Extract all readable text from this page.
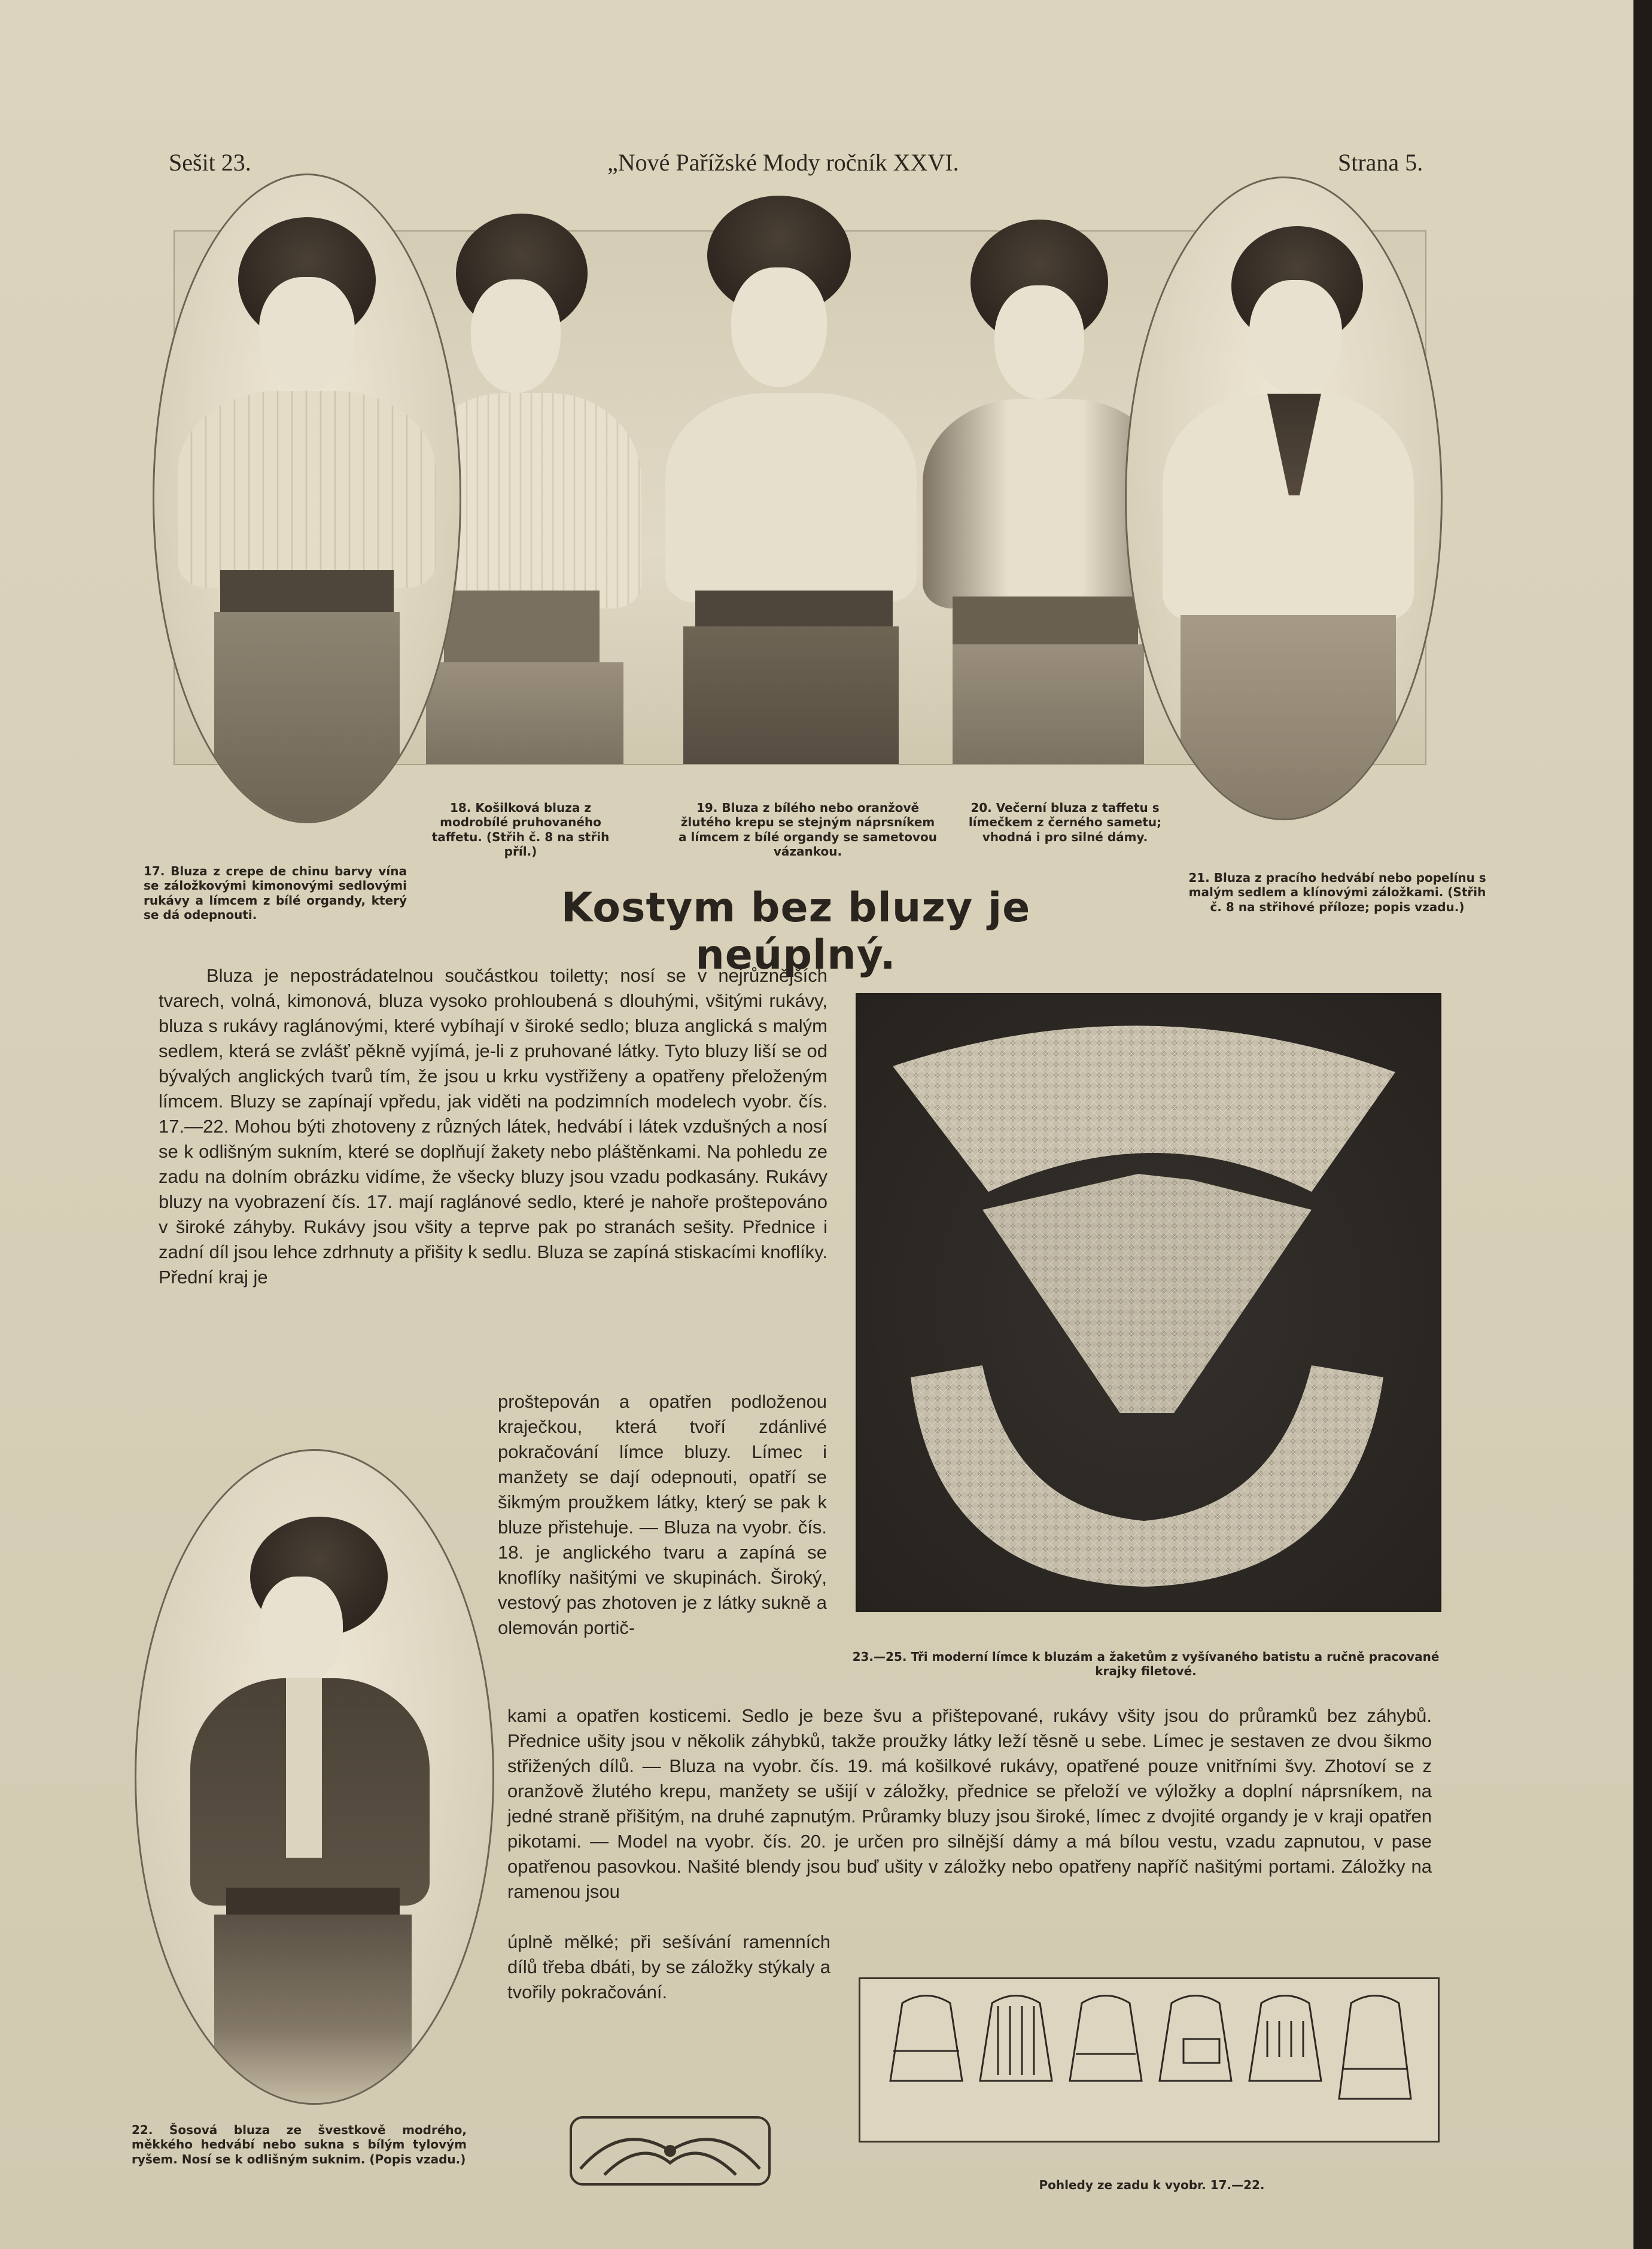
Sešit 23.	„Nové Pařížské Mody ročník XXVI.	Strana 5.
17. Bluza z crepe de chinu barvy vína se záložkovými kimonovými sedlovými rukávy a límcem z bílé organdy, který se dá odepnouti.
18. Košilková bluza z modrobílé pruhovaného taffetu. (Střih č. 8 na střih příl.)
19. Bluza z bílého nebo oranžově žlutého krepu se stejným náprsníkem a límcem z bílé organdy se sametovou vázankou.
20. Večerní bluza z taffetu s límečkem z černého sametu; vhodná i pro silné dámy.
21. Bluza z pracího hedvábí nebo popelínu s malým sedlem a klínovými záložkami. (Střih č. 8 na střihové příloze; popis vzadu.)
Kostym bez bluzy je neúplný.

Bluza je nepostrádatelnou součástkou toiletty; nosí se v nejrůznějších tvarech, volná, kimonová, bluza vysoko prohloubená s dlouhými, všitými rukávy, bluza s rukávy raglánovými, které vybíhají v široké sedlo; bluza anglická s malým sedlem, která se zvlášť pěkně vyjímá, je-li z pruhované látky. Tyto bluzy liší se od bývalých anglických tvarů tím, že jsou u krku vystřiženy a opatřeny přeloženým límcem. Bluzy se zapínají vpředu, jak viděti na podzimních modelech vyobr. čís. 17.—22. Mohou býti zhotoveny z různých látek, hedvábí i látek vzdušných a nosí se k odlišným sukním, které se doplňují žakety nebo pláštěnkami. Na pohledu ze zadu na dolním obrázku vidíme, že všecky bluzy jsou vzadu podkasány. Rukávy bluzy na vyobrazení čís. 17. mají raglánové sedlo, které je nahoře proštepováno v široké záhyby. Rukávy jsou všity a teprve pak po stranách sešity. Přednice i zadní díl jsou lehce zdrhnuty a přišity k sedlu. Bluza se zapíná stiskacími knoflíky. Přední kraj je

proštepován a opatřen podloženou kraječkou, která tvoří zdánlivé pokračování límce bluzy. Límec i manžety se dají odepnouti, opatří se šikmým proužkem látky, který se pak k bluze přistehuje. — Bluza na vyobr. čís. 18. je anglického tvaru a zapíná se knoflíky našitými ve skupinách. Široký, vestový pas zhotoven je z látky sukně a olemován portič-

kami a opatřen kosticemi. Sedlo je beze švu a přištepované, rukávy všity jsou do průramků bez záhybů. Přednice ušity jsou v několik záhybků, takže proužky látky leží těsně u sebe. Límec je sestaven ze dvou šikmo střižených dílů. — Bluza na vyobr. čís. 19. má košilkové rukávy, opatřené pouze vnitřními švy. Zhotoví se z oranžově žlutého krepu, manžety se ušijí v záložky, přednice se přeloží ve výložky a doplní náprsníkem, na jedné straně přišitým, na druhé zapnutým. Průramky bluzy jsou široké, límec z dvojité organdy je v kraji opatřen pikotami. — Model na vyobr. čís. 20. je určen pro silnější dámy a má bílou vestu, vzadu zapnutou, v pase opatřenou pasovkou. Našité blendy jsou buď ušity v záložky nebo opatřeny napříč našitými portami. Záložky na ramenou jsou

úplně mělké; při sešívání ramenních dílů třeba dbáti, by se záložky stýkaly a tvořily pokračování.

23.—25. Tři moderní límce k bluzám a žaketům z vyšívaného batistu a ručně pracované krajky filetové.
22. Šosová bluza ze švestkově modrého, měkkého hedvábí nebo sukna s bílým tylovým ryšem. Nosí se k odlišným suknim. (Popis vzadu.)
Pohledy ze zadu k vyobr. 17.—22.
